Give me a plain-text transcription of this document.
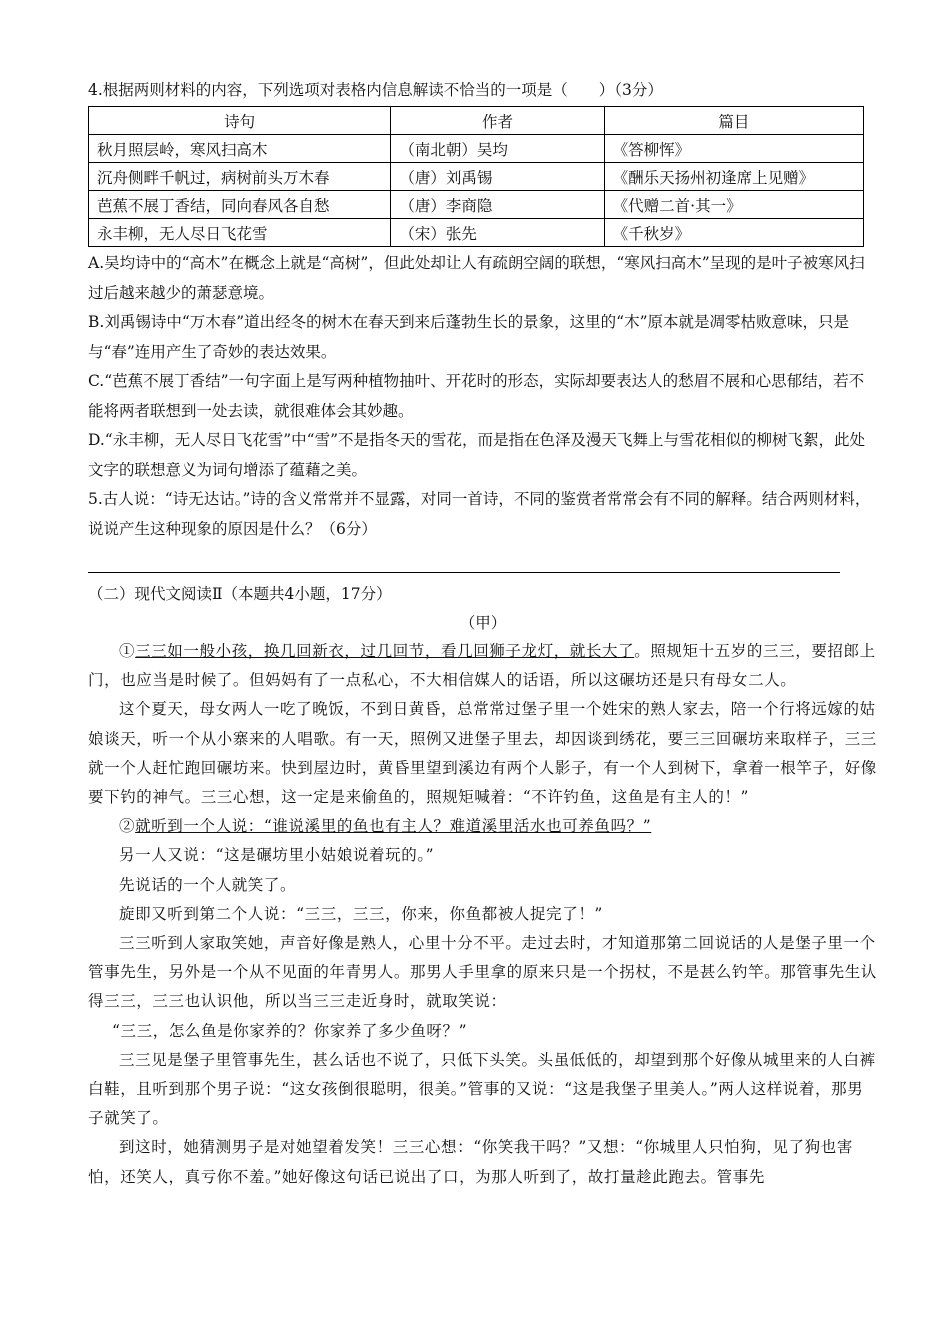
4.根据两则材料的内容，下列选项对表格内信息解读不恰当的一项是（　　）（3分）

诗句	作者	篇目
秋月照层岭，寒风扫高木	（南北朝）吴均	《答柳恽》
沉舟侧畔千帆过，病树前头万木春	（唐）刘禹锡	《酬乐天扬州初逢席上见赠》
芭蕉不展丁香结，同向春风各自愁	（唐）李商隐	《代赠二首·其一》
永丰柳，无人尽日飞花雪	（宋）张先	《千秋岁》

A.吴均诗中的“高木”在概念上就是“高树”，但此处却让人有疏朗空阔的联想，“寒风扫高木”呈现的是叶子被寒风扫过后越来越少的萧瑟意境。

B.刘禹锡诗中“万木春”道出经冬的树木在春天到来后蓬勃生长的景象，这里的“木”原本就是凋零枯败意味，只是与“春”连用产生了奇妙的表达效果。

C.“芭蕉不展丁香结”一句字面上是写两种植物抽叶、开花时的形态，实际却要表达人的愁眉不展和心思郁结，若不能将两者联想到一处去读，就很难体会其妙趣。

D.“永丰柳，无人尽日飞花雪”中“雪”不是指冬天的雪花，而是指在色泽及漫天飞舞上与雪花相似的柳树飞絮，此处文字的联想意义为词句增添了蕴藉之美。

5.古人说：“诗无达诂。”诗的含义常常并不显露，对同一首诗，不同的鉴赏者常常会有不同的解释。结合两则材料，说说产生这种现象的原因是什么？（6分）

（二）现代文阅读Ⅱ（本题共4小题，17分）

（甲）

①三三如一般小孩，换几回新衣，过几回节，看几回狮子龙灯，就长大了。照规矩十五岁的三三，要招郎上门，也应当是时候了。但妈妈有了一点私心，不大相信媒人的话语，所以这碾坊还是只有母女二人。

这个夏天，母女两人一吃了晚饭，不到日黄昏，总常常过堡子里一个姓宋的熟人家去，陪一个行将远嫁的姑娘谈天，听一个从小寨来的人唱歌。有一天，照例又进堡子里去，却因谈到绣花，要三三回碾坊来取样子，三三就一个人赶忙跑回碾坊来。快到屋边时，黄昏里望到溪边有两个人影子，有一个人到树下，拿着一根竿子，好像要下钓的神气。三三心想，这一定是来偷鱼的，照规矩喊着：“不许钓鱼，这鱼是有主人的！”

②就听到一个人说：“谁说溪里的鱼也有主人？难道溪里活水也可养鱼吗？”

另一人又说：“这是碾坊里小姑娘说着玩的。”

先说话的一个人就笑了。

旋即又听到第二个人说：“三三，三三，你来，你鱼都被人捉完了！”

三三听到人家取笑她，声音好像是熟人，心里十分不平。走过去时，才知道那第二回说话的人是堡子里一个管事先生，另外是一个从不见面的年青男人。那男人手里拿的原来只是一个拐杖，不是甚么钓竿。那管事先生认得三三，三三也认识他，所以当三三走近身时，就取笑说：

“三三，怎么鱼是你家养的？你家养了多少鱼呀？”

三三见是堡子里管事先生，甚么话也不说了，只低下头笑。头虽低低的，却望到那个好像从城里来的人白裤白鞋，且听到那个男子说：“这女孩倒很聪明，很美。”管事的又说：“这是我堡子里美人。”两人这样说着，那男子就笑了。

到这时，她猜测男子是对她望着发笑！三三心想：“你笑我干吗？”又想：“你城里人只怕狗，见了狗也害怕，还笑人，真亏你不羞。”她好像这句话已说出了口，为那人听到了，故打量趁此跑去。管事先
